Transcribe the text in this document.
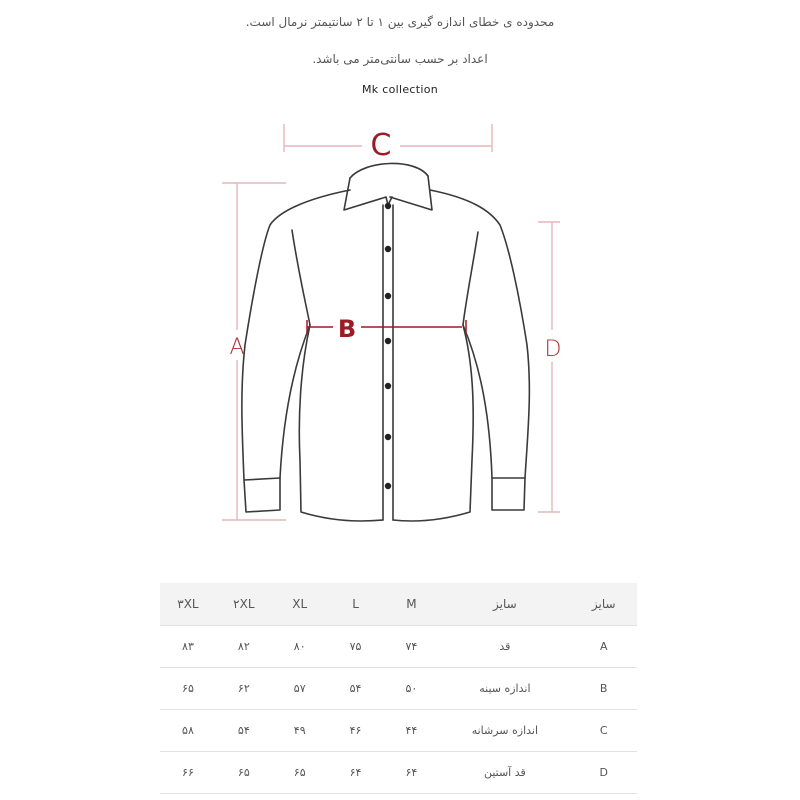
محدوده ی خطای اندازه گیری بین ۱ تا ۲ سانتیمتر نرمال است.
اعداد بر حسب سانتی‌متر می باشد.
Mk collection
C
B
A	D
سایز	سایز	M	L	XL	۲XL	۳XL
A	قد	۷۴	۷۵	۸۰	۸۲	۸۳
B	اندازه سینه	۵۰	۵۴	۵۷	۶۲	۶۵
C	اندازه سرشانه	۴۴	۴۶	۴۹	۵۴	۵۸
D	قد آستین	۶۴	۶۴	۶۵	۶۵	۶۶
